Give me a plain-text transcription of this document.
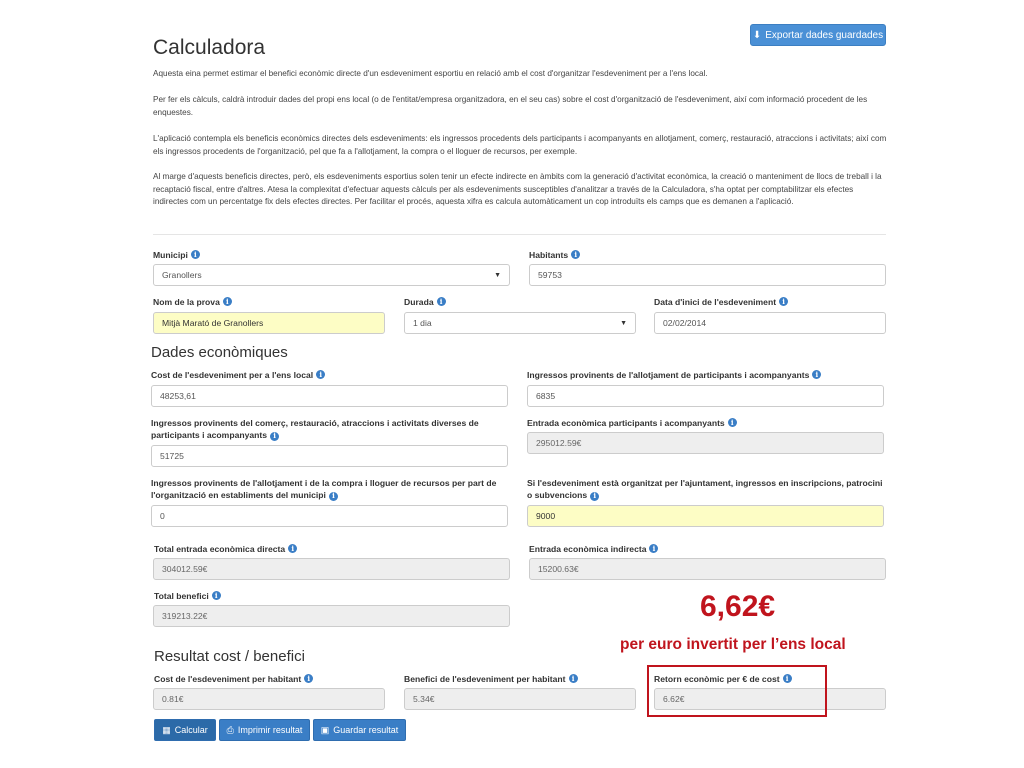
⬇ Exportar dades guardades
Calculadora
Aquesta eina permet estimar el benefici econòmic directe d'un esdeveniment esportiu en relació amb el cost d'organitzar l'esdeveniment per a l'ens local.
Per fer els càlculs, caldrà introduir dades del propi ens local (o de l'entitat/empresa organitzadora, en el seu cas) sobre el cost d'organització de l'esdeveniment, així com informació procedent de les enquestes.
L'aplicació contempla els beneficis econòmics directes dels esdeveniments: els ingressos procedents dels participants i acompanyants en allotjament, comerç, restauració, atraccions i activitats; així com els ingressos procedents de l'organització, pel que fa a l'allotjament, la compra o el lloguer de recursos, per exemple.
Al marge d'aquests beneficis directes, però, els esdeveniments esportius solen tenir un efecte indirecte en àmbits com la generació d'activitat econòmica, la creació o manteniment de llocs de treball i la recaptació fiscal, entre d'altres. Atesa la complexitat d'efectuar aquests càlculs per als esdeveniments susceptibles d'analitzar a través de la Calculadora, s'ha optat per comptabilitzar els efectes indirectes com un percentatge fix dels efectes directes. Per facilitar el procés, aquesta xifra es calcula automàticament un cop introduïts els camps que es demanen a l'aplicació.
Municipi i
Granollers	▼
Habitants i
59753
Nom de la prova i
Mitjà Marató de Granollers
Durada i
1 dia	▼
Data d'inici de l'esdeveniment i
02/02/2014
Dades econòmiques
Cost de l'esdeveniment per a l'ens local i
48253,61
Ingressos provinents de l'allotjament de participants i acompanyants i
6835
Ingressos provinents del comerç, restauració, atraccions i activitats diverses de participants i acompanyants i
51725
Entrada econòmica participants i acompanyants i
295012.59€
Ingressos provinents de l'allotjament i de la compra i lloguer de recursos per part de l'organització en establiments del municipi i
0
Si l'esdeveniment està organitzat per l'ajuntament, ingressos en inscripcions, patrocini o subvencions i
9000
Total entrada econòmica directa i
304012.59€
Entrada econòmica indirecta i
15200.63€
Total benefici i
319213.22€	6,62€
per euro invertit per l’ens local
Resultat cost / benefici
Cost de l'esdeveniment per habitant i
0.81€
Benefici de l'esdeveniment per habitant i
5.34€
Retorn econòmic per € de cost i
6.62€
▦ Calcular ⎙ Imprimir resultat ▣ Guardar resultat
